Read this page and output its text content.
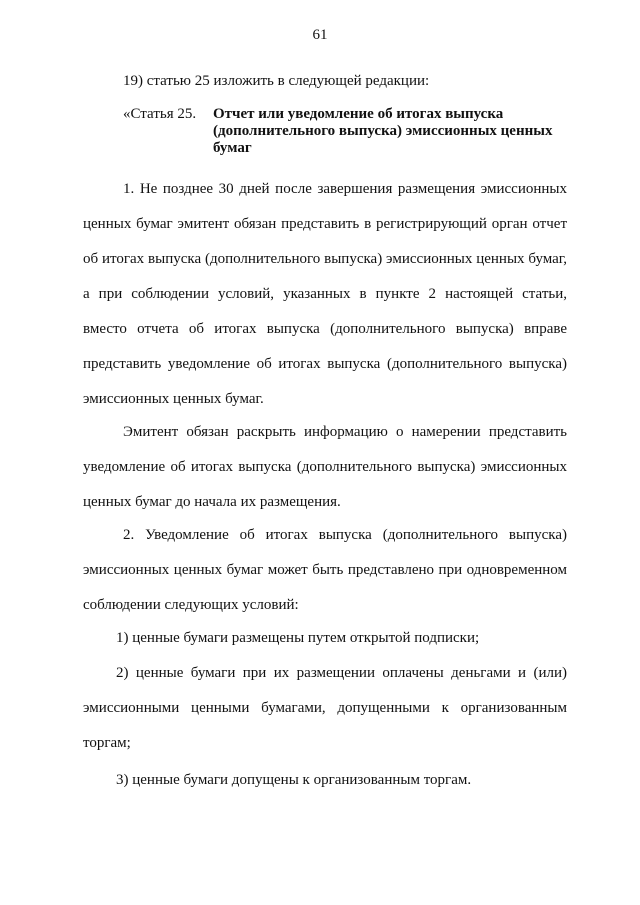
61
19) статью 25 изложить в следующей редакции:
«Статья 25. Отчет или уведомление об итогах выпуска (дополнительного выпуска) эмиссионных ценных бумаг

1. Не позднее 30 дней после завершения размещения эмиссионных ценных бумаг эмитент обязан представить в регистрирующий орган отчет об итогах выпуска (дополнительного выпуска) эмиссионных ценных бумаг, а при соблюдении условий, указанных в пункте 2 настоящей статьи, вместо отчета об итогах выпуска (дополнительного выпуска) вправе представить уведомление об итогах выпуска (дополнительного выпуска) эмиссионных ценных бумаг.

Эмитент обязан раскрыть информацию о намерении представить уведомление об итогах выпуска (дополнительного выпуска) эмиссионных ценных бумаг до начала их размещения.

2. Уведомление об итогах выпуска (дополнительного выпуска) эмиссионных ценных бумаг может быть представлено при одновременном соблюдении следующих условий:

1) ценные бумаги размещены путем открытой подписки;

2) ценные бумаги при их размещении оплачены деньгами и (или) эмиссионными ценными бумагами, допущенными к организованным торгам;

3) ценные бумаги допущены к организованным торгам.
